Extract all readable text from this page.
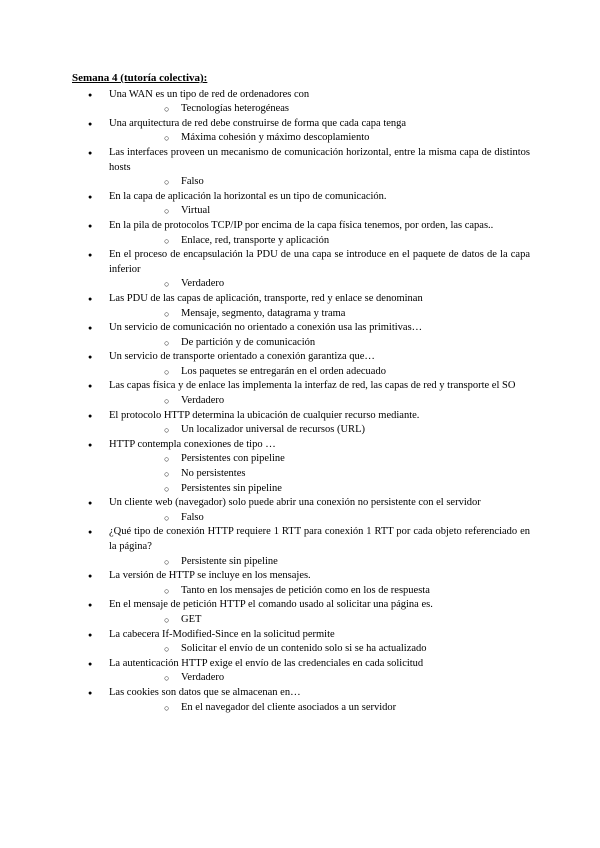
Semana 4 (tutoría colectiva):
● Una WAN es un tipo de red de ordenadores con
○ Tecnologías heterogéneas
● Una arquitectura de red debe construirse de forma que cada capa tenga
○ Máxima cohesión y máximo descoplamiento
● Las interfaces proveen un mecanismo de comunicación horizontal, entre la misma capa de distintos hosts
○ Falso
● En la capa de aplicación la horizontal es un tipo de comunicación.
○ Virtual
● En la pila de protocolos TCP/IP por encima de la capa física tenemos, por orden, las capas..
○ Enlace, red, transporte y aplicación
● En el proceso de encapsulación la PDU de una capa se introduce en el paquete de datos de la capa inferior
○ Verdadero
● Las PDU de las capas de aplicación, transporte, red y enlace se denominan
○ Mensaje, segmento, datagrama y trama
● Un servicio de comunicación no orientado a conexión usa las primitivas…
○ De partición y de comunicación
● Un servicio de transporte orientado a conexión garantiza que…
○ Los paquetes se entregarán en el orden adecuado
● Las capas física y de enlace las implementa la interfaz de red, las capas de red y transporte el SO
○ Verdadero
● El protocolo HTTP determina la ubicación de cualquier recurso mediante.
○ Un localizador universal de recursos (URL)
● HTTP contempla conexiones de tipo …
○ Persistentes con pipeline
○ No persistentes
○ Persistentes sin pipeline
● Un cliente web (navegador) solo puede abrir una conexión no persistente con el servidor
○ Falso
● ¿Qué tipo de conexión HTTP requiere 1 RTT para conexión 1 RTT por cada objeto referenciado en la página?
○ Persistente sin pipeline
● La versión de HTTP se incluye en los mensajes.
○ Tanto en los mensajes de petición como en los de respuesta
● En el mensaje de petición HTTP el comando usado al solicitar una página es.
○ GET
● La cabecera If-Modified-Since en la solicitud permite
○ Solicitar el envío de un contenido solo si se ha actualizado
● La autenticación HTTP exige el envío de las credenciales en cada solicitud
○ Verdadero
● Las cookies son datos que se almacenan en…
○ En el navegador del cliente asociados a un servidor
